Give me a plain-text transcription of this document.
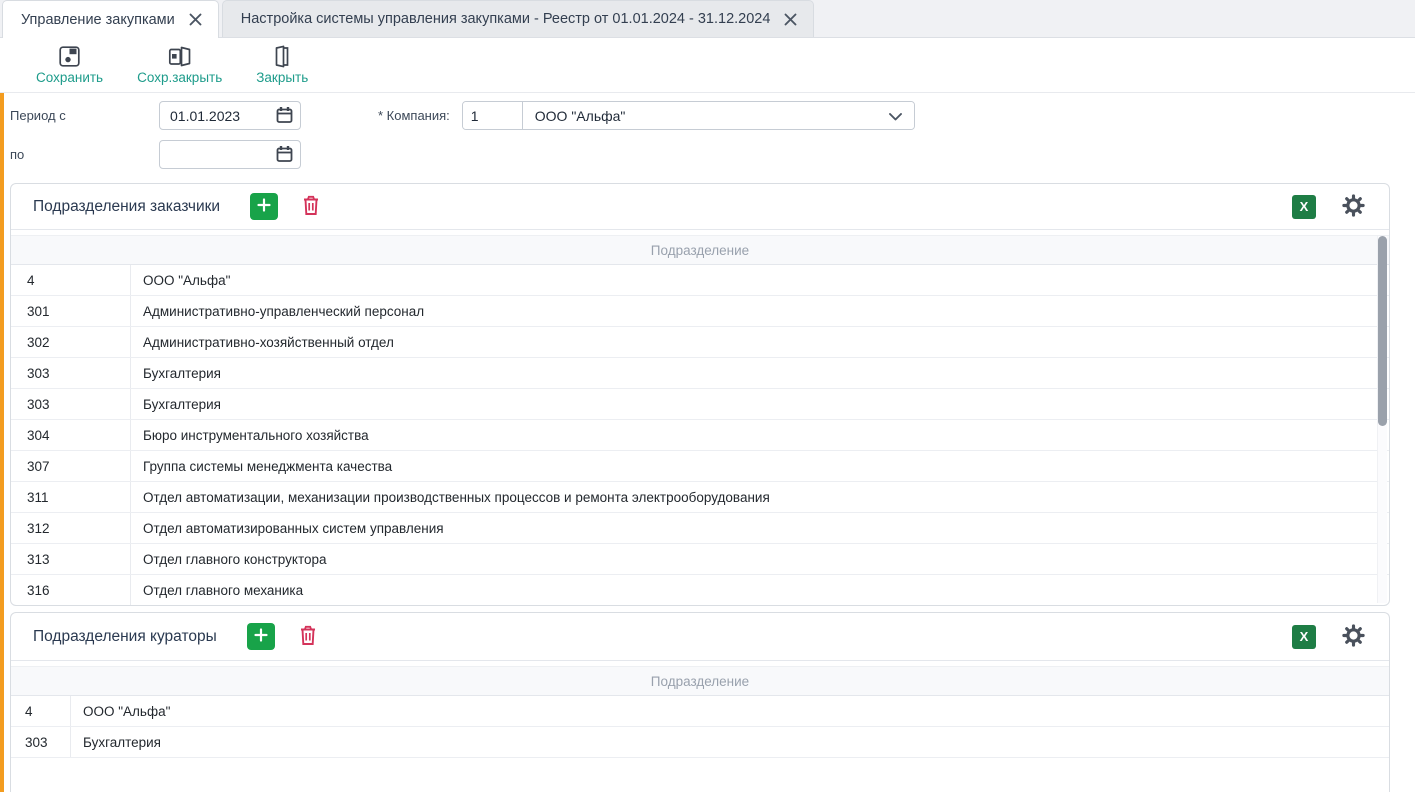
Управление закупками	Настройка системы управления закупками - Реестр от 01.01.2024 - 31.12.2024
Сохранить	Сохр.закрыть	Закрыть
Период с
01.01.2023	* Компания:
1	ООО "Альфа"
по
Подразделения заказчики	X
Подразделение
4	ООО "Альфа"
301	Административно-управленческий персонал
302	Административно-хозяйственный отдел
303	Бухгалтерия
303	Бухгалтерия
304	Бюро инструментального хозяйства
307	Группа системы менеджмента качества
311	Отдел автоматизации, механизации производственных процессов и ремонта электрооборудования
312	Отдел автоматизированных систем управления
313	Отдел главного конструктора
316	Отдел главного механика
Подразделения кураторы	X
Подразделение
4	ООО "Альфа"
303	Бухгалтерия
